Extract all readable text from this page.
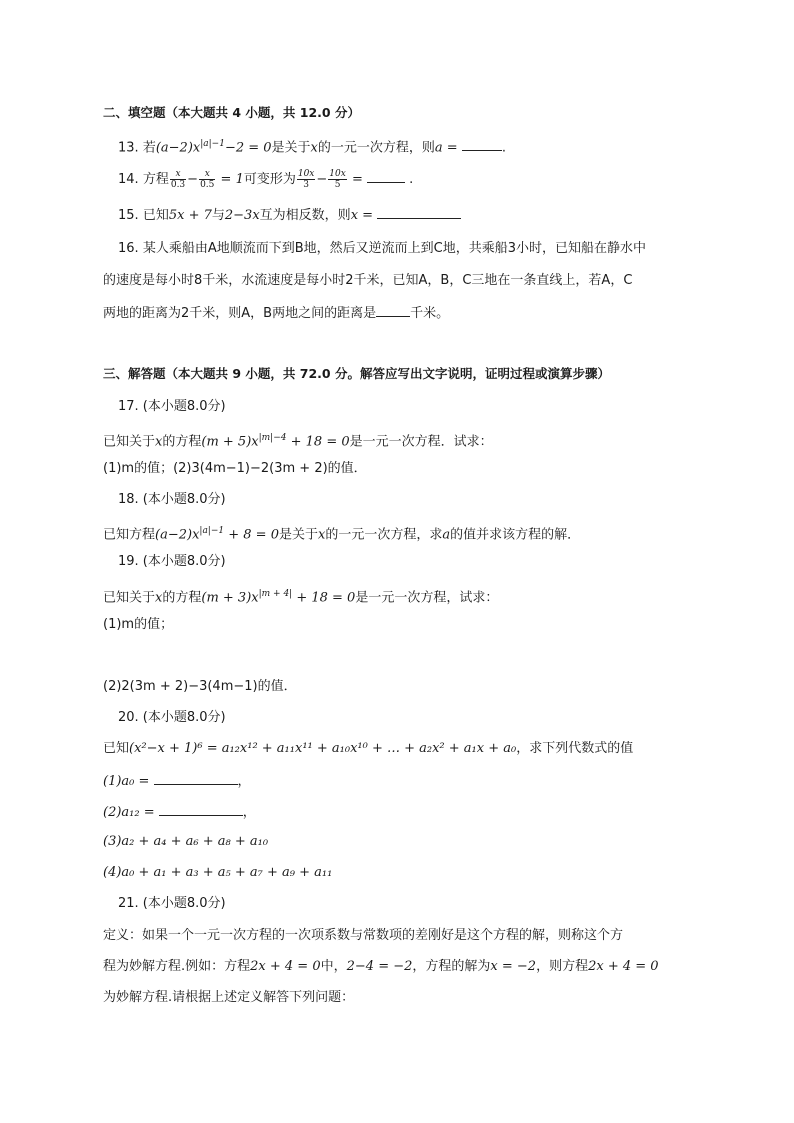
二、填空题（本大题共 4 小题，共 12.0 分）
13. 若$(a-2)x^{|a|-1}-2 = 0$是关于x的一元一次方程，则a =	.
14. 方程 $\frac{x}{0.3} - \frac{x}{0.5} = 1$可变形为 $\frac{10x}{3} - \frac{10x}{5}$ =	.
15. 已知5x + 7与2−3x互为相反数，则x =
16. 某人乘船由A地顺流而下到B地，然后又逆流而上到C地，共乘船3小时，已知船在静水中
的速度是每小时8千米，水流速度是每小时2千米，已知A，B，C三地在一条直线上，若A，C
两地的距离为2千米，则A，B两地之间的距离是	千米。
三、解答题（本大题共 9 小题，共 72.0 分。解答应写出文字说明，证明过程或演算步骤）
17. (本小题8.0分)
已知关于x的方程$(m + 5)x^{|m|-4} + 18 = 0$是一元一次方程．试求：
(1)m的值；(2)3(4m−1)−2(3m + 2)的值．
18. (本小题8.0分)
已知方程$(a-2)x^{|a|-1} + 8 = 0$是关于x的一元一次方程，求a的值并求该方程的解．
19. (本小题8.0分)
已知关于x的方程$(m + 3)x^{|m + 4|} + 18 = 0$是一元一次方程，试求：
(1)m的值；
(2)2(3m + 2)−3(4m−1)的值．
20. (本小题8.0分)
已知(x²−x + 1)⁶ = a₁₂x¹² + a₁₁x¹¹ + a₁₀x¹⁰ + … + a₂x² + a₁x + a₀，求下列代数式的值
(1)a₀ =	，
(2)a₁₂ =	，
(3)a₂ + a₄ + a₆ + a₈ + a₁₀
(4)a₀ + a₁ + a₃ + a₅ + a₇ + a₉ + a₁₁
21. (本小题8.0分)
定义：如果一个一元一次方程的一次项系数与常数项的差刚好是这个方程的解，则称这个方
程为妙解方程.例如：方程2x + 4 = 0中，2−4 = −2，方程的解为x = −2，则方程2x + 4 = 0
为妙解方程.请根据上述定义解答下列问题：
